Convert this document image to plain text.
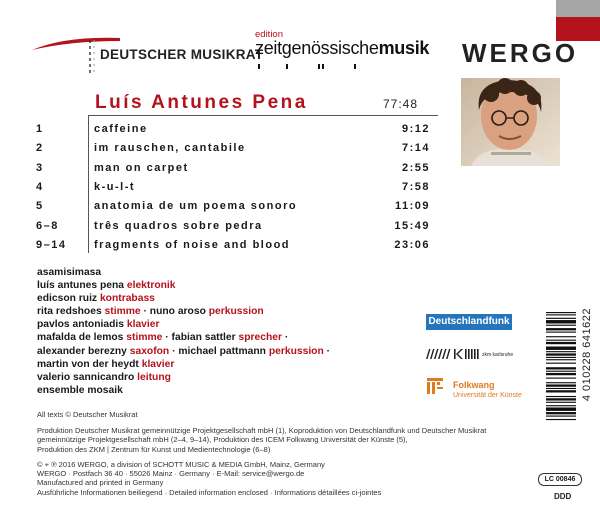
DEUTSCHER MUSIKRAT
edition
zeitgenössischemusik WERGO
Luís Antunes Pena	77:48
1	caffeine	9:12
2	im rauschen, cantabile	7:14
3	man on carpet	2:55
4	k-u-l-t	7:58
5	anatomia de um poema sonoro	11:09
6–8	três quadros sobre pedra	15:49
9–14	fragments of noise and blood	23:06
asamisimasa
luís antunes pena elektronik
edicson ruiz kontrabass
rita redshoes stimme · nuno aroso perkussion
pavlos antoniadis klavier
mafalda de lemos stimme · fabian sattler sprecher ·
alexander berezny saxofon · michael pattmann perkussion ·
martin von der heydt klavier
valerio sannicandro leitung
ensemble mosaik
Deutschlandfunk
zkm karlsruhe
Folkwang
Universität der Künste	4 010228 641622
All texts © Deutscher Musikrat
Produktion Deutscher Musikrat gemeinnützige Projektgesellschaft mbH (1), Koproduktion von Deutschlandfunk und Deutscher Musikrat
gemeinnützige Projektgesellschaft mbH (2–4, 9–14), Produktion des ICEM Folkwang Universität der Künste (5),
Produktion des ZKM | Zentrum für Kunst und Medientechnologie (6–8)
© + ℗ 2016 WERGO, a division of SCHOTT MUSIC & MEDIA GmbH, Mainz, Germany
WERGO · Postfach 36 40 · 55026 Mainz · Germany · E-Mail: service@wergo.de
Manufactured and printed in Germany
Ausführliche Informationen beiliegend · Detailed information enclosed · Informations détaillées ci-jointes
LC 00846
DDD
